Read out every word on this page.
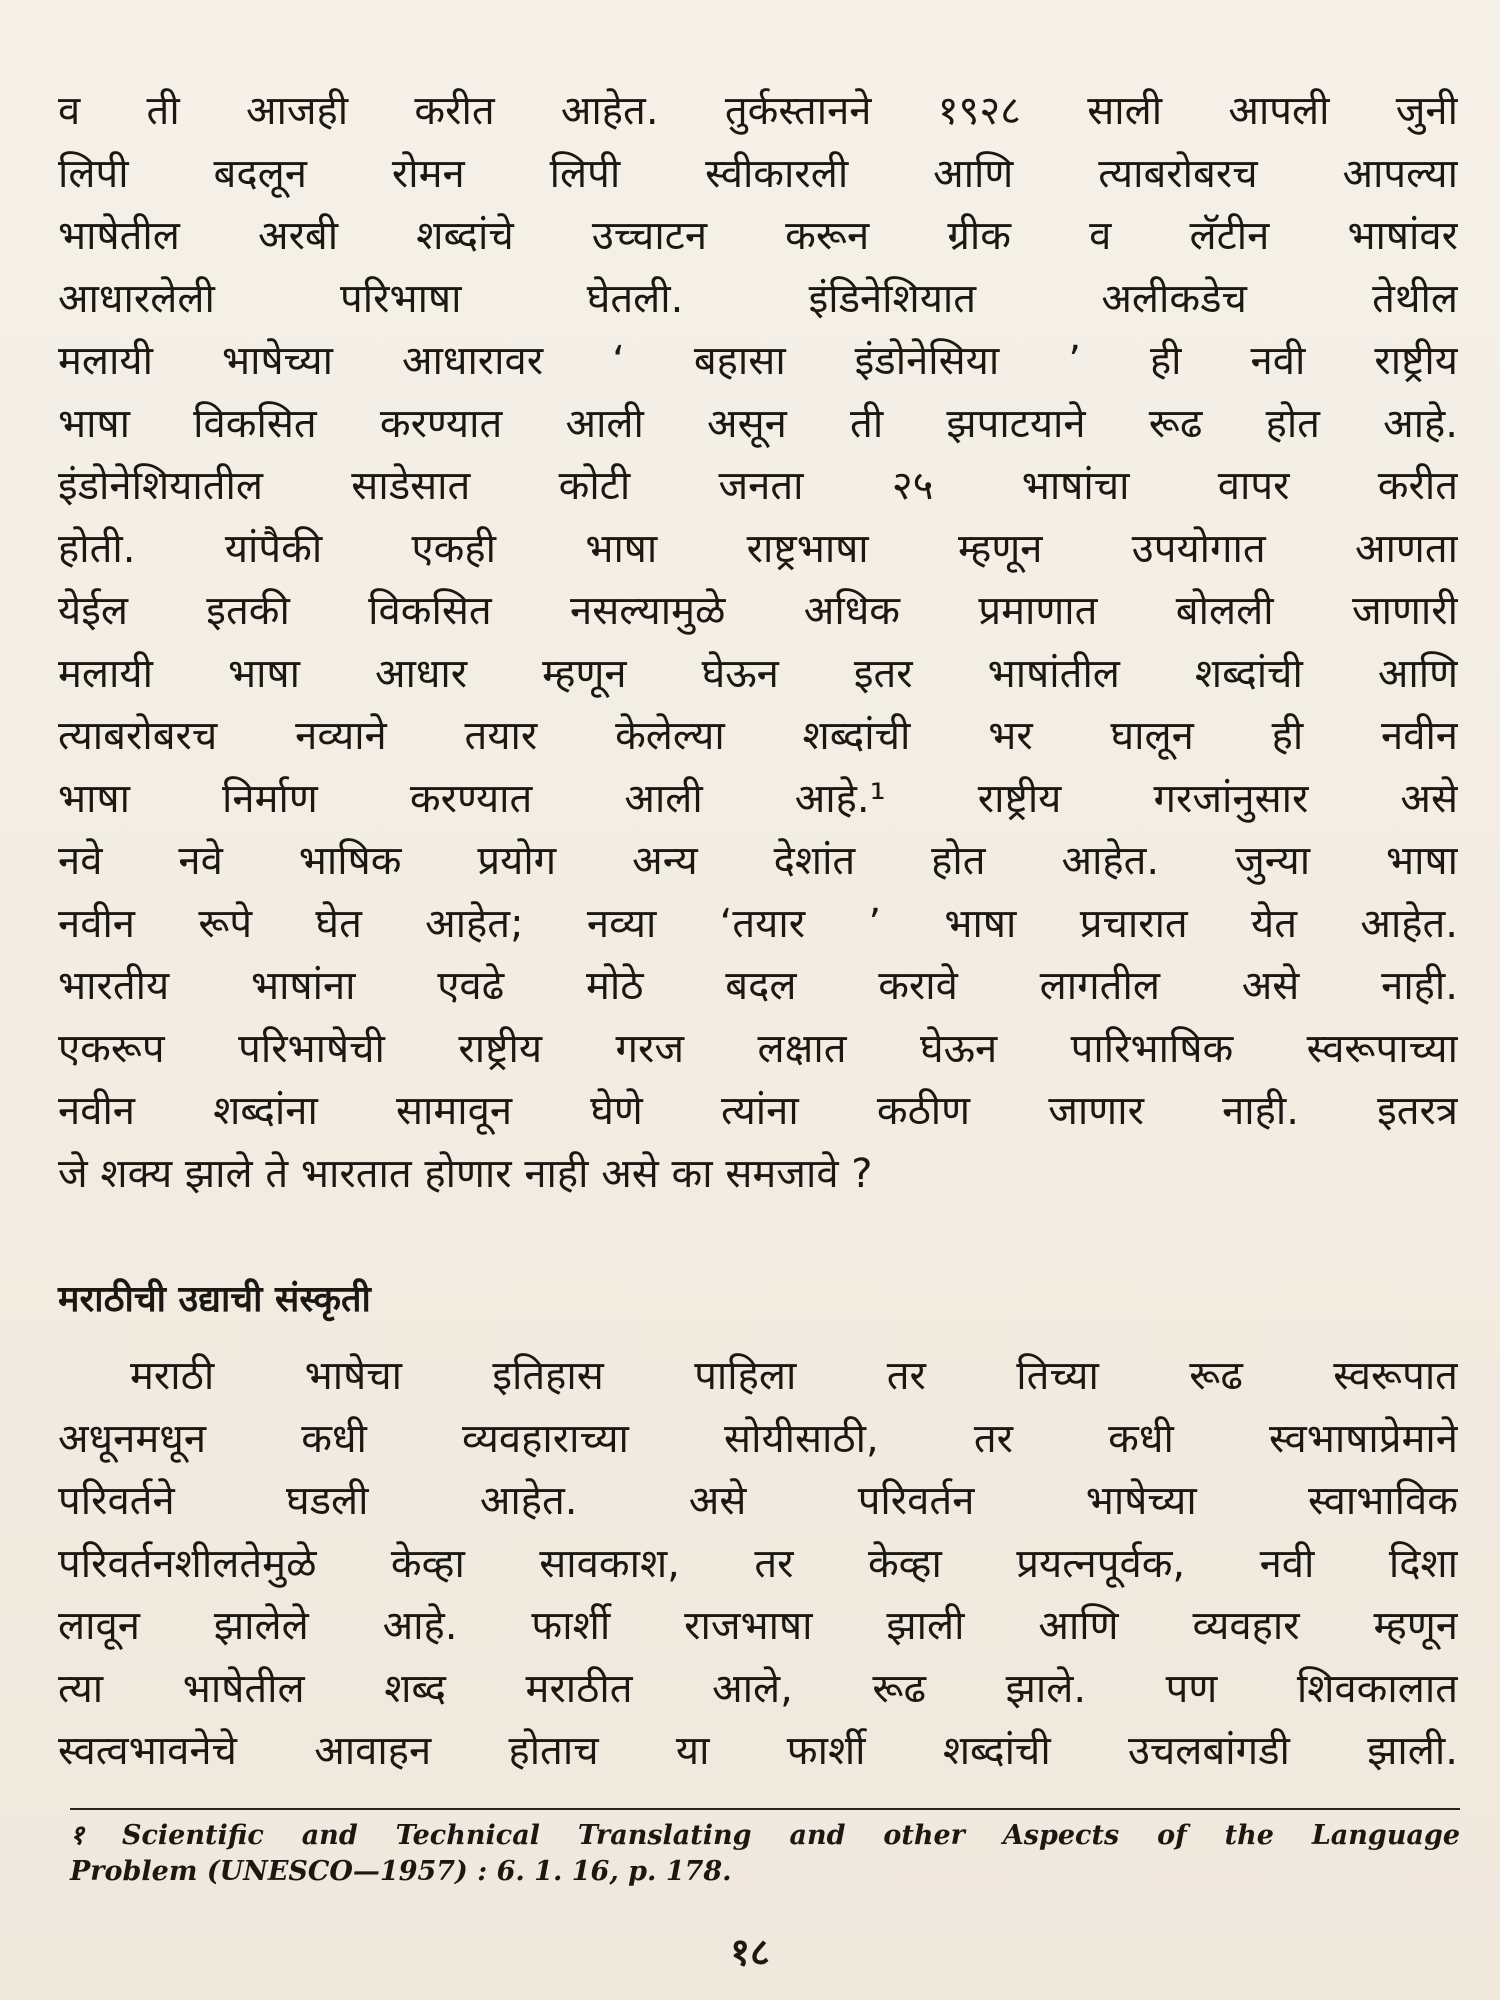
व ती आजही करीत आहेत. तुर्कस्तानने १९२८ साली आपली जुनी
लिपी बदलून रोमन लिपी स्वीकारली आणि त्याबरोबरच आपल्या
भाषेतील अरबी शब्दांचे उच्चाटन करून ग्रीक व लॅटीन भाषांवर
आधारलेली परिभाषा घेतली. इंडिनेशियात अलीकडेच तेथील
मलायी भाषेच्या आधारावर ‘ बहासा इंडोनेसिया ’ ही नवी राष्ट्रीय
भाषा विकसित करण्यात आली असून ती झपाटयाने रूढ होत आहे.
इंडोनेशियातील साडेसात कोटी जनता २५ भाषांचा वापर करीत
होती. यांपैकी एकही भाषा राष्ट्रभाषा म्हणून उपयोगात आणता
येईल इतकी विकसित नसल्यामुळे अधिक प्रमाणात बोलली जाणारी
मलायी भाषा आधार म्हणून घेऊन इतर भाषांतील शब्दांची आणि
त्याबरोबरच नव्याने तयार केलेल्या शब्दांची भर घालून ही नवीन
भाषा निर्माण करण्यात आली आहे.¹ राष्ट्रीय गरजांनुसार असे
नवे नवे भाषिक प्रयोग अन्य देशांत होत आहेत. जुन्या भाषा
नवीन रूपे घेत आहेत; नव्या ‘तयार ’ भाषा प्रचारात येत आहेत.
भारतीय भाषांना एवढे मोठे बदल करावे लागतील असे नाही.
एकरूप परिभाषेची राष्ट्रीय गरज लक्षात घेऊन पारिभाषिक स्वरूपाच्या
नवीन शब्दांना सामावून घेणे त्यांना कठीण जाणार नाही. इतरत्र
जे शक्य झाले ते भारतात होणार नाही असे का समजावे ?
मराठीची उद्याची संस्कृती
मराठी भाषेचा इतिहास पाहिला तर तिच्या रूढ स्वरूपात
अधूनमधून कधी व्यवहाराच्या सोयीसाठी, तर कधी स्वभाषाप्रेमाने
परिवर्तने घडली आहेत. असे परिवर्तन भाषेच्या स्वाभाविक
परिवर्तनशीलतेमुळे केव्हा सावकाश, तर केव्हा प्रयत्नपूर्वक, नवी दिशा
लावून झालेले आहे. फार्शी राजभाषा झाली आणि व्यवहार म्हणून
त्या भाषेतील शब्द मराठीत आले, रूढ झाले. पण शिवकालात
स्वत्वभावनेचे आवाहन होताच या फार्शी शब्दांची उचलबांगडी झाली.
१ Scientific and Technical Translating and other Aspects of the Language
Problem (UNESCO—1957) : 6. 1. 16, p. 178.
१८
